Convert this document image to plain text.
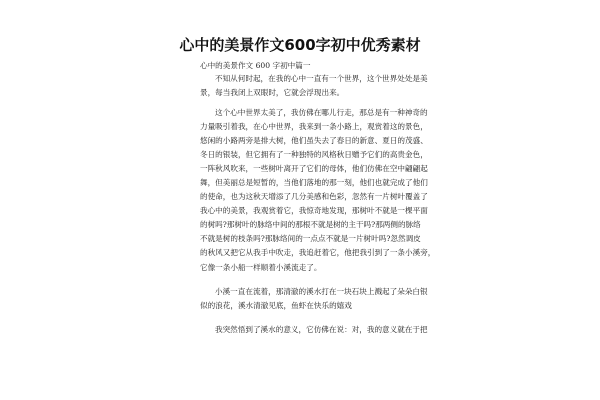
心中的美景作文600字初中优秀素材

心中的美景作文 600 字初中篇一

不知从何时起，在我的心中一直有一个世界，这个世界处处是美
景，每当我闭上双眼时，它就会浮现出来。
这个心中世界太美了，我仿佛在哪儿行走，那总是有一种神奇的
力量吸引着我，在心中世界，我来到一条小路上，观赏着这的景色，
悠闲的小路两旁是排大树，他们虽失去了春日的新意、夏日的茂盛、
冬日的银装，但它拥有了一种独特的风格秋日赠予它们的高贵金色，
一阵秋风吹来，一些树叶离开了它们的母体，他们仿佛在空中翩翩起
舞，但美丽总是短暂的，当他们落地的那一刻，他们也就完成了他们
的使命，也为这秋天增添了几分美感和色彩，忽然有一片树叶覆盖了
我心中的美景，我观赏着它，我惊奇地发现，那树叶不就是一棵平面
的树吗?那树叶的脉络中间的那根不就是树的主干吗?那两侧的脉络
不就是树的枝条吗?那脉络间的一点点不就是一片树叶吗?忽然调皮
的秋风又把它从我手中吹走，我追赶着它，他把我引到了一条小溪旁，
它像一条小船一样顺着小溪流走了。
小溪一直在流着，那清澈的溪水打在一块石块上溅起了朵朵白银
似的浪花，溪水清澈见底，鱼虾在快乐的嬉戏
我突然悟到了溪水的意义，它仿佛在说：对，我的意义就在于把
